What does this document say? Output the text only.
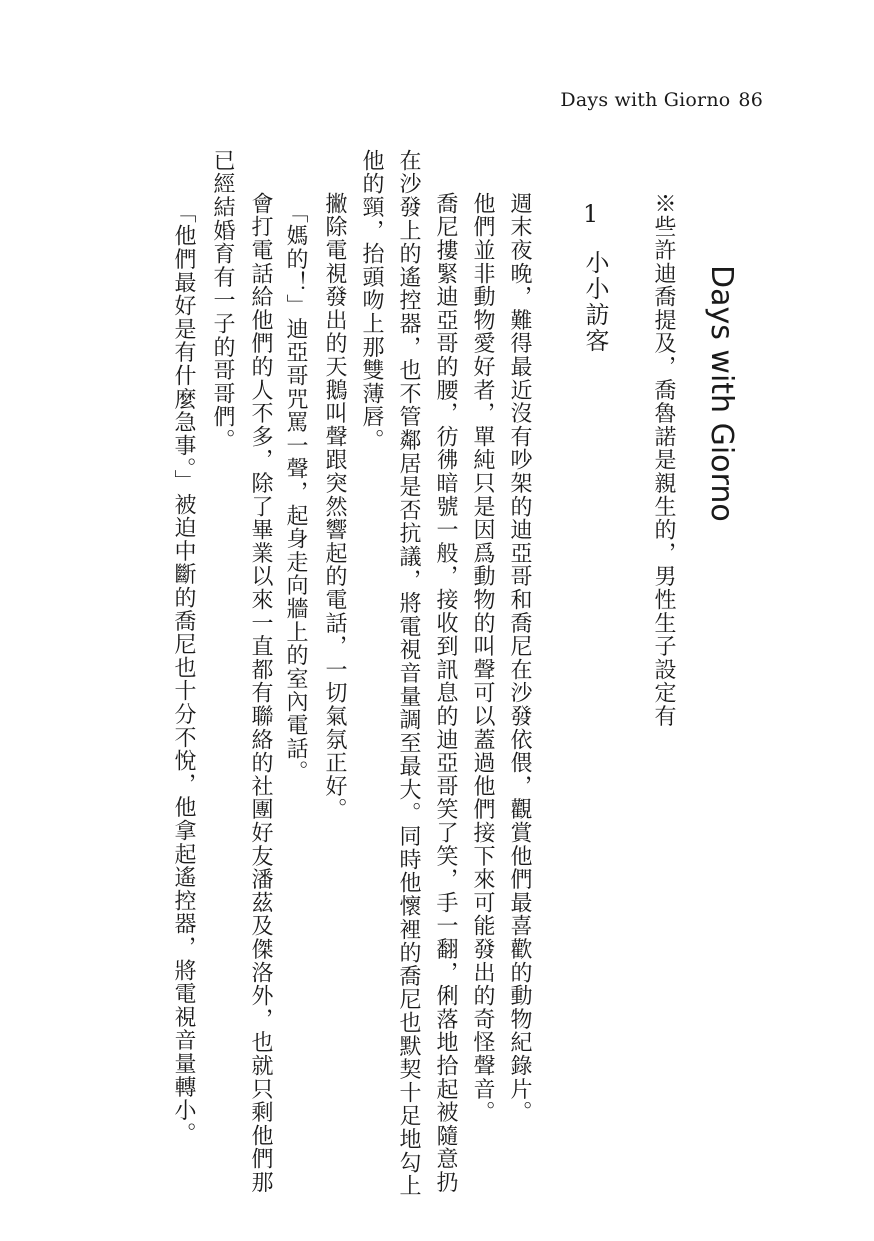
Days with Giorno 86
Days with Giorno
※些許迪喬提及，喬魯諾是親生的，男性生子設定有
1
小小訪客
週末夜晚，難得最近沒有吵架的迪亞哥和喬尼在沙發依偎，觀賞他們最喜歡的動物紀錄片。
他們並非動物愛好者，單純只是因爲動物的叫聲可以蓋過他們接下來可能發出的奇怪聲音。
喬尼摟緊迪亞哥的腰，彷彿暗號一般，接收到訊息的迪亞哥笑了笑，手一翻，俐落地拾起被隨意扔
在沙發上的遙控器，也不管鄰居是否抗議，將電視音量調至最大。同時他懷裡的喬尼也默契十足地勾上
他的頸，抬頭吻上那雙薄唇。
撇除電視發出的天鵝叫聲跟突然響起的電話，一切氣氛正好。
「媽的！」迪亞哥咒罵一聲，起身走向牆上的室內電話。
會打電話給他們的人不多，除了畢業以來一直都有聯絡的社團好友潘茲及傑洛外，也就只剩他們那
已經結婚育有一子的哥哥們。
「他們最好是有什麼急事。」被迫中斷的喬尼也十分不悅，他拿起遙控器，將電視音量轉小。
